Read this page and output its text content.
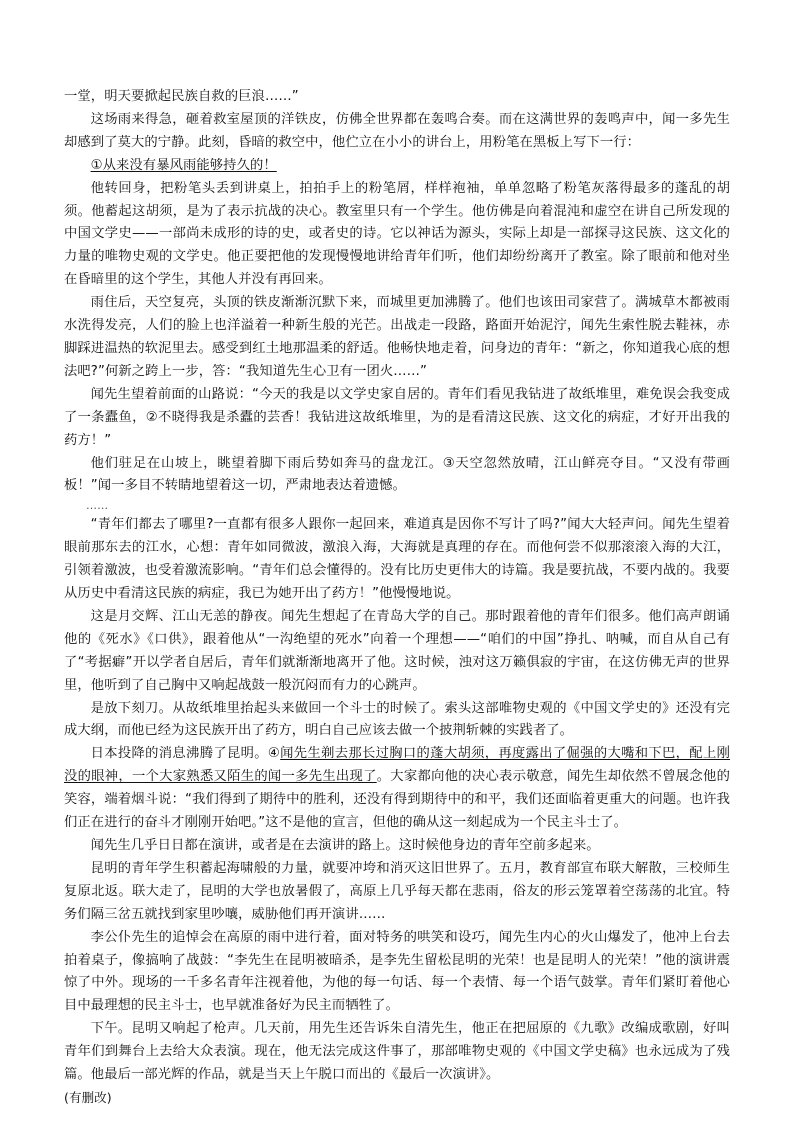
一堂，明天要掀起民族自救的巨浪……”

这场雨来得急，砸着救室屋顶的洋铁皮，仿佛全世界都在轰鸣合奏。而在这满世界的轰鸣声中，闻一多先生却感到了莫大的宁静。此刻，昏暗的救空中，他伫立在小小的讲台上，用粉笔在黑板上写下一行：

①从来没有暴风雨能够持久的！

他转回身，把粉笔头丢到讲桌上，拍拍手上的粉笔屑，样样袍袖，单单忽略了粉笔灰落得最多的蓬乱的胡须。他蓄起这胡须，是为了表示抗战的决心。教室里只有一个学生。他仿佛是向着混沌和虚空在讲自己所发现的中国文学史——一部尚未成形的诗的史，或者史的诗。它以神话为源头，实际上却是一部探寻这民族、这文化的力量的唯物史观的文学史。他正要把他的发现慢慢地讲给青年们听，他们却纷纷离开了教室。除了眼前和他对坐在昏暗里的这个学生，其他人并没有再回来。

雨住后，天空复亮，头顶的铁皮渐渐沉默下来，而城里更加沸腾了。他们也该田司家营了。满城草木都被雨水洗得发亮，人们的脸上也洋溢着一种新生般的光芒。出战走一段路，路面开始泥泞，闻先生索性脱去鞋袜，赤脚踩进温热的软泥里去。感受到红土地那温柔的舒适。他畅快地走着，问身边的青年：“新之，你知道我心底的想法吧?”何新之跨上一步，答：“我知道先生心卫有一团火……”

闻先生望着前面的山路说：“今天的我是以文学史家自居的。青年们看见我钻进了故纸堆里，难免误会我变成了一条蠹鱼，②不晓得我是杀蠹的芸香！我钻进这故纸堆里，为的是看清这民族、这文化的病症，才好开出我的药方！”

他们驻足在山坡上，眺望着脚下雨后势如奔马的盘龙江。③天空忽然放晴，江山鲜亮夺目。“又没有带画板！”闻一多目不转睛地望着这一切，严肃地表达着遗憾。

……

“青年们都去了哪里?一直都有很多人跟你一起回来，难道真是因你不写计了吗?”闻大大轻声问。闻先生望着眼前那东去的江水，心想：青年如同微波，激浪入海，大海就是真理的存在。而他何尝不似那滚滚入海的大江，引领着激波，也受着激流影响。“青年们总会懂得的。没有比历史更伟大的诗篇。我是要抗战，不要内战的。我要从历史中看清这民族的病症，我已为她开出了药方！”他慢慢地说。

这是月交辉、江山无恙的静夜。闻先生想起了在青岛大学的自己。那时跟着他的青年们很多。他们高声朗诵他的《死水》《口供》，跟着他从“一沟绝望的死水”向着一个理想——“咱们的中国”挣扎、呐喊，而自从自己有了“考据癖”开以学者自居后，青年们就渐渐地离开了他。这时候，浊对这万籁俱寂的宇宙，在这仿佛无声的世界里，他听到了自己胸中又响起战鼓一般沉闷而有力的心跳声。

是放下刻刀。从故纸堆里抬起头来做回一个斗士的时候了。索头这部唯物史观的《中国文学史的》还没有完成大纲，而他已经为这民族开出了药方，明白自己应该去做一个披荆斩棘的实践者了。

日本投降的消息沸腾了昆明。④闻先生剃去那长过胸口的蓬大胡须，再度露出了倔强的大嘴和下巴，配上刚没的眼神，一个大家熟悉又陌生的闻一多先生出现了。大家都向他的决心表示敬意，闻先生却依然不曾展念他的笑容，端着烟斗说：“我们得到了期待中的胜利，还没有得到期待中的和平，我们还面临着更重大的问题。也许我们正在进行的奋斗才刚刚开始吧。”这不是他的宣言，但他的确从这一刻起成为一个民主斗士了。

闻先生几乎日日都在演讲，或者是在去演讲的路上。这时候他身边的青年空前多起来。

昆明的青年学生积蓄起海啸般的力量，就要冲垮和消灭这旧世界了。五月，教育部宣布联大解散，三校师生复原北返。联大走了，昆明的大学也放暑假了，高原上几乎每天都在悲雨，俗友的形云笼罩着空荡荡的北宜。特务们隔三岔五就找到家里吵嚷，威胁他们再开演讲……

李公仆先生的追悼会在高原的雨中进行着，面对特务的哄笑和设巧，闻先生内心的火山爆发了，他冲上台去拍着桌子，像搞响了战鼓：“李先生在昆明被暗杀，是李先生留松昆明的光荣！也是昆明人的光荣！”他的演讲震惊了中外。现场的一千多名青年注视着他，为他的每一句话、每一个表情、每一个语气鼓掌。青年们紧盯着他心目中最理想的民主斗士，也早就准备好为民主而牺牲了。

下午。昆明又响起了枪声。几天前，用先生还告诉朱自清先生，他正在把屈原的《九歌》改编成歌剧，好叫青年们到舞台上去给大众表演。现在，他无法完成这件事了，那部唯物史观的《中国文学史稿》也永远成为了残篇。他最后一部光辉的作品，就是当天上午脱口而出的《最后一次演讲》。

(有删改)
